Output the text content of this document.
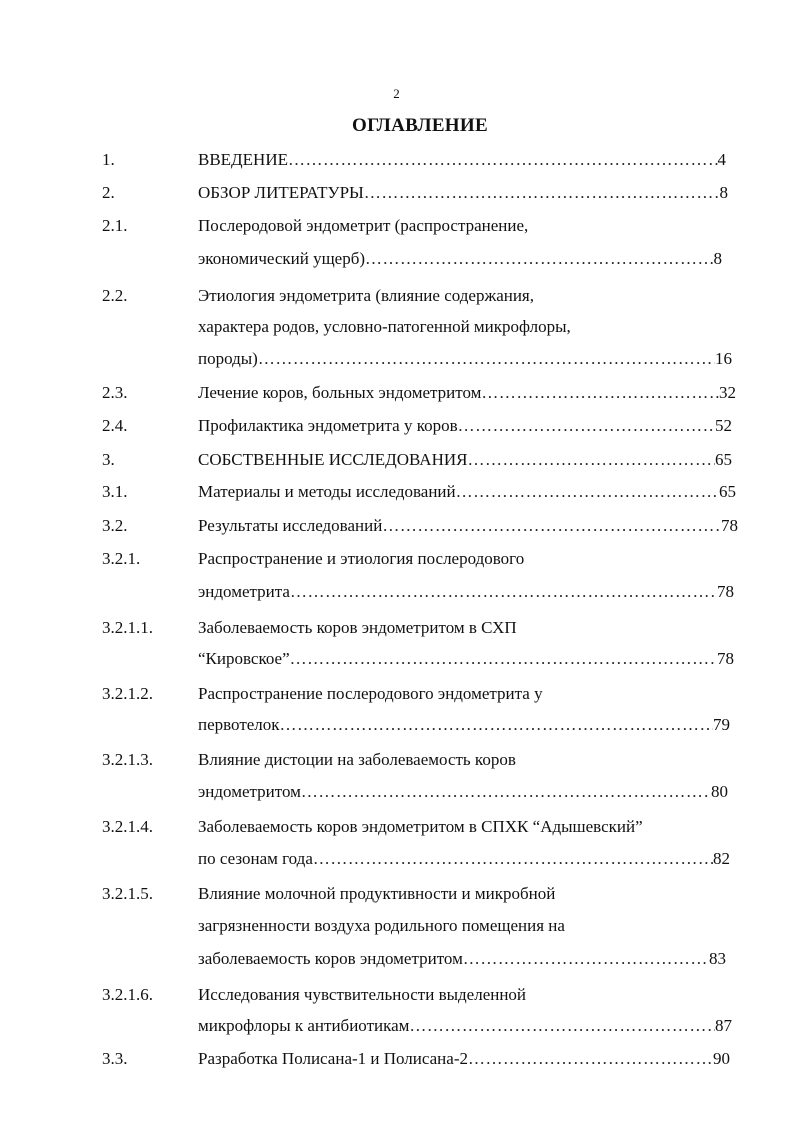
2
ОГЛАВЛЕНИЕ
1.	ВВЕДЕНИЕ …………………………………………………………………………………………………………………………………………	4
2.	ОБЗОР ЛИТЕРАТУРЫ …………………………………………………………………………………………………………………………………………	8
2.1.	Послеродовой эндометрит (распространение,
экономический ущерб) …………………………………………………………………………………………………………………………………………	8
2.2.	Этиология эндометрита (влияние содержания,
характера родов, условно-патогенной микрофлоры,
породы) …………………………………………………………………………………………………………………………………………	16
2.3.	Лечение коров, больных эндометритом …………………………………………………………………………………………………………………………………………	32
2.4.	Профилактика эндометрита у коров …………………………………………………………………………………………………………………………………………	52
3.	СОБСТВЕННЫЕ ИССЛЕДОВАНИЯ …………………………………………………………………………………………………………………………………………	65
3.1.	Материалы и методы исследований …………………………………………………………………………………………………………………………………………	65
3.2.	Результаты исследований …………………………………………………………………………………………………………………………………………	78
3.2.1.	Распространение и этиология послеродового
эндометрита …………………………………………………………………………………………………………………………………………	78
3.2.1.1.	Заболеваемость коров эндометритом в СХП
“Кировское” …………………………………………………………………………………………………………………………………………	78
3.2.1.2.	Распространение послеродового эндометрита у
первотелок …………………………………………………………………………………………………………………………………………	79
3.2.1.3.	Влияние дистоции на заболеваемость коров
эндометритом …………………………………………………………………………………………………………………………………………	80
3.2.1.4.	Заболеваемость коров эндометритом в СПХК “Адышевский”
по сезонам года …………………………………………………………………………………………………………………………………………	82
3.2.1.5.	Влияние молочной продуктивности и микробной
загрязненности воздуха родильного помещения на
заболеваемость коров эндометритом …………………………………………………………………………………………………………………………………………	83
3.2.1.6.	Исследования чувствительности выделенной
микрофлоры к антибиотикам …………………………………………………………………………………………………………………………………………	87
3.3.	Разработка Полисана-1 и Полисана-2 …………………………………………………………………………………………………………………………………………	90
